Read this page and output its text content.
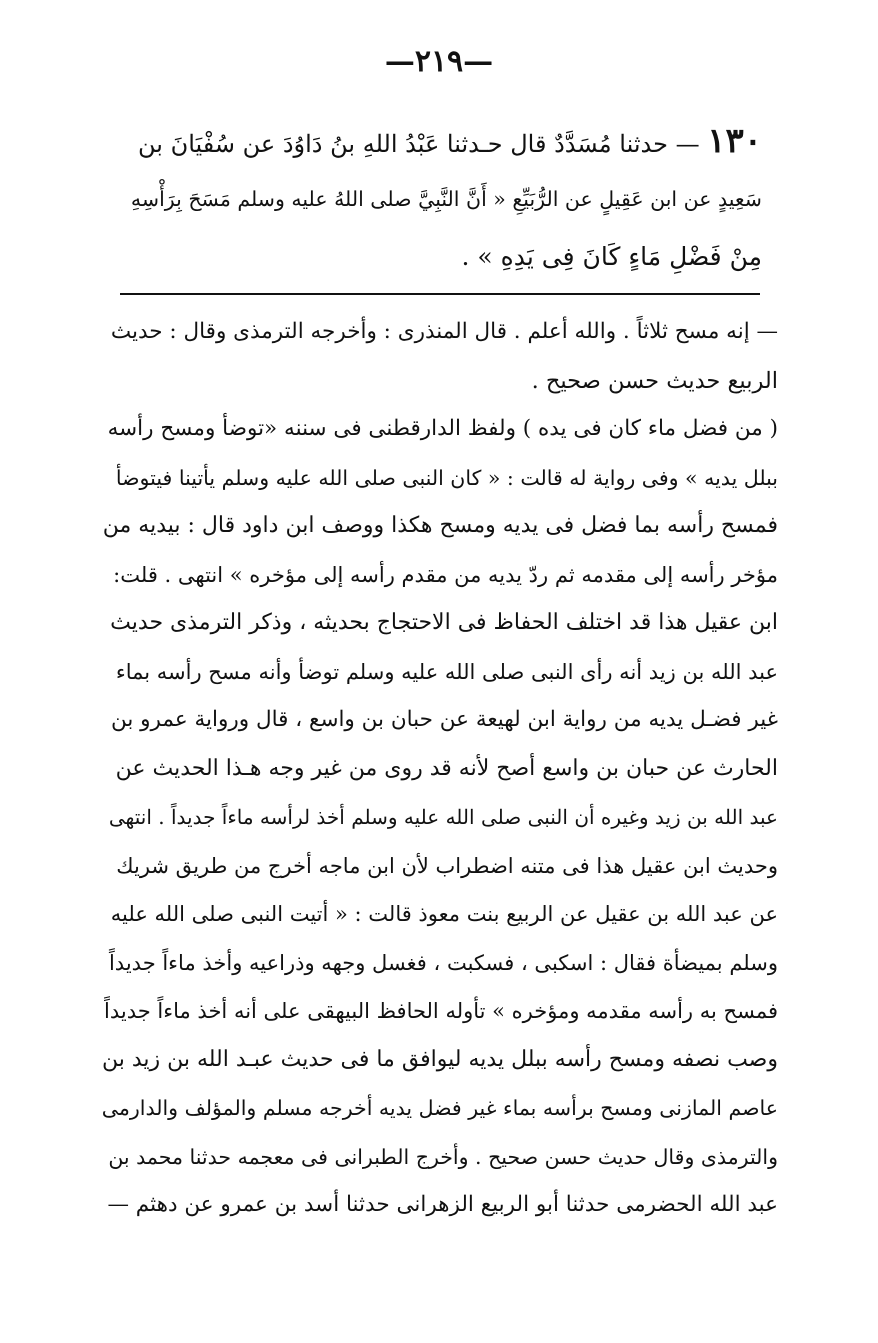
—٢١٩—
١٣٠ — حدثنا مُسَدَّدٌ قال حـدثنا عَبْدُ اللهِ بنُ دَاوُدَ عن سُفْيَانَ بن
سَعِيدٍ عن ابن عَقِيلٍ عن الرُّبَيِّعِ « أَنَّ النَّبِيَّ صلى اللهُ عليه وسلم مَسَحَ بِرَأْسِهِ
مِنْ فَضْلِ مَاءٍ كَانَ فِى يَدِهِ » .
— إنه مسح ثلاثاً . والله أعلم . قال المنذرى : وأخرجه الترمذى وقال : حديث
الربيع حديث حسن صحيح .
( من فضل ماء كان فى يده ) ولفظ الدارقطنى فى سننه «توضأ ومسح رأسه
ببلل يديه » وفى رواية له قالت : « كان النبى صلى الله عليه وسلم يأتينا فيتوضأ
فمسح رأسه بما فضل فى يديه ومسح هكذا ووصف ابن داود قال : بيديه من
مؤخر رأسه إلى مقدمه ثم ردّ يديه من مقدم رأسه إلى مؤخره » انتهى . قلت:
ابن عقيل هذا قد اختلف الحفاظ فى الاحتجاج بحديثه ، وذكر الترمذى حديث
عبد الله بن زيد أنه رأى النبى صلى الله عليه وسلم توضأ وأنه مسح رأسه بماء
غير فضـل يديه من رواية ابن لهيعة عن حبان بن واسع ، قال ورواية عمرو بن
الحارث عن حبان بن واسع أصح لأنه قد روى من غير وجه هـذا الحديث عن
عبد الله بن زيد وغيره أن النبى صلى الله عليه وسلم أخذ لرأسه ماءاً جديداً . انتهى
وحديث ابن عقيل هذا فى متنه اضطراب لأن ابن ماجه أخرج من طريق شريك
عن عبد الله بن عقيل عن الربيع بنت معوذ قالت : « أتيت النبى صلى الله عليه
وسلم بميضأة فقال : اسكبى ، فسكبت ، فغسل وجهه وذراعيه وأخذ ماءاً جديداً
فمسح به رأسه مقدمه ومؤخره » تأوله الحافظ البيهقى على أنه أخذ ماءاً جديداً
وصب نصفه ومسح رأسه ببلل يديه ليوافق ما فى حديث عبـد الله بن زيد بن
عاصم المازنى ومسح برأسه بماء غير فضل يديه أخرجه مسلم والمؤلف والدارمى
والترمذى وقال حديث حسن صحيح . وأخرج الطبرانى فى معجمه حدثنا محمد بن
عبد الله الحضرمى حدثنا أبو الربيع الزهرانى حدثنا أسد بن عمرو عن دهثم —
